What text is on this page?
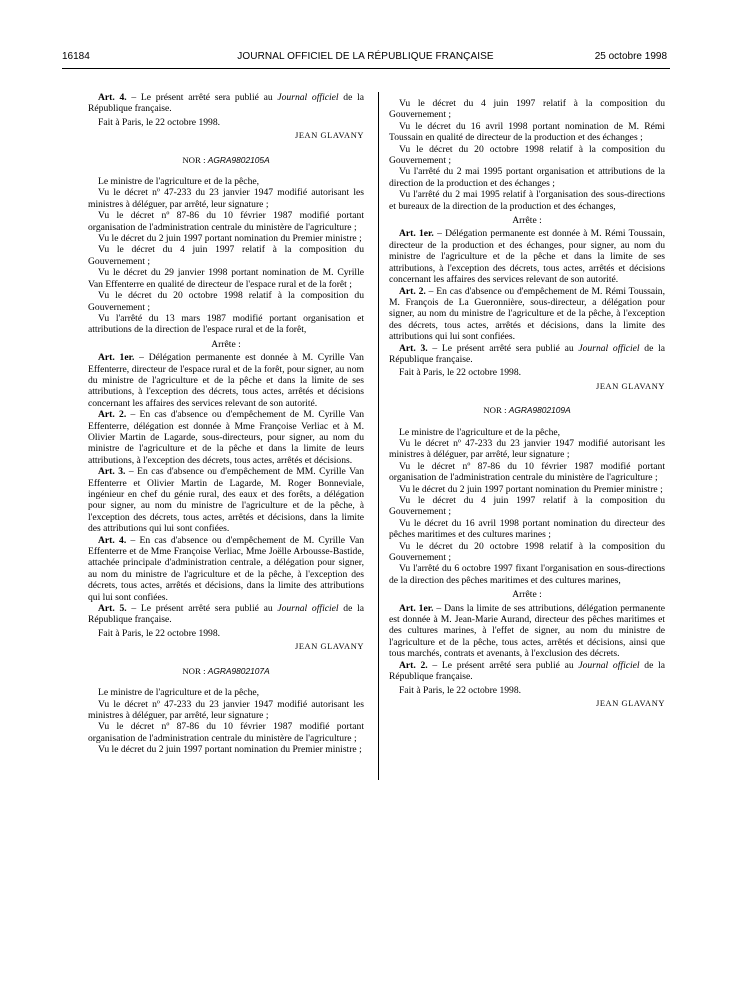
16184	JOURNAL OFFICIEL DE LA RÉPUBLIQUE FRANÇAISE	25 octobre 1998

Art. 4. – Le présent arrêté sera publié au Journal officiel de la République française.

Fait à Paris, le 22 octobre 1998.

JEAN GLAVANY

NOR : AGRA9802105A

Le ministre de l'agriculture et de la pêche,

Vu le décret nº 47-233 du 23 janvier 1947 modifié autorisant les ministres à déléguer, par arrêté, leur signature ;

Vu le décret nº 87-86 du 10 février 1987 modifié portant organisation de l'administration centrale du ministère de l'agriculture ;

Vu le décret du 2 juin 1997 portant nomination du Premier ministre ;

Vu le décret du 4 juin 1997 relatif à la composition du Gouvernement ;

Vu le décret du 29 janvier 1998 portant nomination de M. Cyrille Van Effenterre en qualité de directeur de l'espace rural et de la forêt ;

Vu le décret du 20 octobre 1998 relatif à la composition du Gouvernement ;

Vu l'arrêté du 13 mars 1987 modifié portant organisation et attributions de la direction de l'espace rural et de la forêt,

Arrête :

Art. 1er. – Délégation permanente est donnée à M. Cyrille Van Effenterre, directeur de l'espace rural et de la forêt, pour signer, au nom du ministre de l'agriculture et de la pêche et dans la limite de ses attributions, à l'exception des décrets, tous actes, arrêtés et décisions concernant les affaires des services relevant de son autorité.

Art. 2. – En cas d'absence ou d'empêchement de M. Cyrille Van Effenterre, délégation est donnée à Mme Françoise Verliac et à M. Olivier Martin de Lagarde, sous-directeurs, pour signer, au nom du ministre de l'agriculture et de la pêche et dans la limite de leurs attributions, à l'exception des décrets, tous actes, arrêtés et décisions.

Art. 3. – En cas d'absence ou d'empêchement de MM. Cyrille Van Effenterre et Olivier Martin de Lagarde, M. Roger Bonneviale, ingénieur en chef du génie rural, des eaux et des forêts, a délégation pour signer, au nom du ministre de l'agriculture et de la pêche, à l'exception des décrets, tous actes, arrêtés et décisions, dans la limite des attributions qui lui sont confiées.

Art. 4. – En cas d'absence ou d'empêchement de M. Cyrille Van Effenterre et de Mme Françoise Verliac, Mme Joëlle Arbousse-Bastide, attachée principale d'administration centrale, a délégation pour signer, au nom du ministre de l'agriculture et de la pêche, à l'exception des décrets, tous actes, arrêtés et décisions, dans la limite des attributions qui lui sont confiées.

Art. 5. – Le présent arrêté sera publié au Journal officiel de la République française.

Fait à Paris, le 22 octobre 1998.

JEAN GLAVANY

NOR : AGRA9802107A

Le ministre de l'agriculture et de la pêche,

Vu le décret nº 47-233 du 23 janvier 1947 modifié autorisant les ministres à déléguer, par arrêté, leur signature ;

Vu le décret nº 87-86 du 10 février 1987 modifié portant organisation de l'administration centrale du ministère de l'agriculture ;

Vu le décret du 2 juin 1997 portant nomination du Premier ministre ;

Vu le décret du 4 juin 1997 relatif à la composition du Gouvernement ;

Vu le décret du 16 avril 1998 portant nomination de M. Rémi Toussain en qualité de directeur de la production et des échanges ;

Vu le décret du 20 octobre 1998 relatif à la composition du Gouvernement ;

Vu l'arrêté du 2 mai 1995 portant organisation et attributions de la direction de la production et des échanges ;

Vu l'arrêté du 2 mai 1995 relatif à l'organisation des sous-directions et bureaux de la direction de la production et des échanges,

Arrête :

Art. 1er. – Délégation permanente est donnée à M. Rémi Toussain, directeur de la production et des échanges, pour signer, au nom du ministre de l'agriculture et de la pêche et dans la limite de ses attributions, à l'exception des décrets, tous actes, arrêtés et décisions concernant les affaires des services relevant de son autorité.

Art. 2. – En cas d'absence ou d'empêchement de M. Rémi Toussain, M. François de La Gueronnière, sous-directeur, a délégation pour signer, au nom du ministre de l'agriculture et de la pêche, à l'exception des décrets, tous actes, arrêtés et décisions, dans la limite des attributions qui lui sont confiées.

Art. 3. – Le présent arrêté sera publié au Journal officiel de la République française.

Fait à Paris, le 22 octobre 1998.

JEAN GLAVANY

NOR : AGRA9802109A

Le ministre de l'agriculture et de la pêche,

Vu le décret nº 47-233 du 23 janvier 1947 modifié autorisant les ministres à déléguer, par arrêté, leur signature ;

Vu le décret nº 87-86 du 10 février 1987 modifié portant organisation de l'administration centrale du ministère de l'agriculture ;

Vu le décret du 2 juin 1997 portant nomination du Premier ministre ;

Vu le décret du 4 juin 1997 relatif à la composition du Gouvernement ;

Vu le décret du 16 avril 1998 portant nomination du directeur des pêches maritimes et des cultures marines ;

Vu le décret du 20 octobre 1998 relatif à la composition du Gouvernement ;

Vu l'arrêté du 6 octobre 1997 fixant l'organisation en sous-directions de la direction des pêches maritimes et des cultures marines,

Arrête :

Art. 1er. – Dans la limite de ses attributions, délégation permanente est donnée à M. Jean-Marie Aurand, directeur des pêches maritimes et des cultures marines, à l'effet de signer, au nom du ministre de l'agriculture et de la pêche, tous actes, arrêtés et décisions, ainsi que tous marchés, contrats et avenants, à l'exclusion des décrets.

Art. 2. – Le présent arrêté sera publié au Journal officiel de la République française.

Fait à Paris, le 22 octobre 1998.

JEAN GLAVANY
